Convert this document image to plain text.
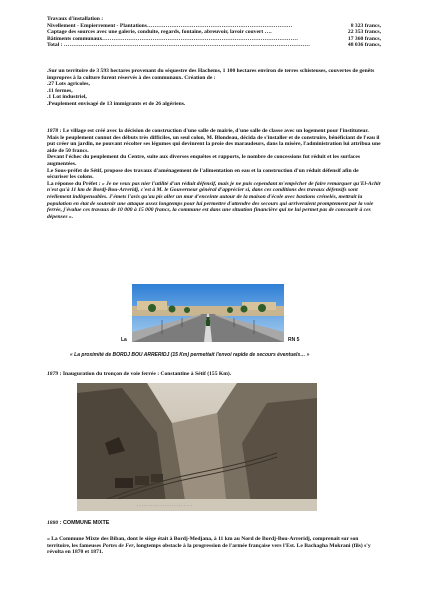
Travaux d'installation :
Nivellement - Empierrement - Plantations……………………………………………………………………	8 323 francs,
Captage des sources avec une galerie, conduite, regards, fontaine, abreuvoir, lavoir couvert ….	22 353 francs,
Bâtiments communaux……………………………………………………………………………………………	17 360 francs,
Total : ……………………………………………………………………………………………………………………	48 036 francs,
.Sur un territoire de 3 593 hectares provenant du séquestre des Hachems, 1 100 hectares environ de terres schisteuses, couvertes de genêts impropres à la culture furent réservés à des communaux. Création de :
.27 Lots agricoles,
.11 fermes,
.1 Lot industriel,
.Peuplement envisagé de 13 immigrants et de 26 algériens.
1878 : Le village est créé avec la décision de construction d'une salle de mairie, d'une salle de classe avec un logement pour l'instituteur. Mais le peuplement connut des débuts très difficiles, un seul colon, M. Blondeau, décida de s'installer et de construire, bénéficiant de l'eau il put créer un jardin, ne pouvant récolter ses légumes qui devinrent la proie des maraudeurs, dans la misère, l'administration lui attribua une aide de 50 francs.
Devant l'échec du peuplement du Centre, suite aux diverses enquêtes et rapports, le nombre de concessions fut réduit et les surfaces augmentées.
Le Sous-préfet de Sétif, propose des travaux d'aménagement de l'alimentation en eau et la construction d'un réduit défensif afin de sécuriser les colons.
La réponse du Préfet : « Je ne veux pas nier l'utilité d'un réduit défensif, mais je ne puis cependant m'empêcher de faire remarquer qu'El-Achir n'est qu'à 11 km de Bordj-Bou-Arreridj, c'est à M. le Gouverneur général d'apprécier si, dans ces conditions des travaux défensifs sont réellement indispensables. J'émets l'avis qu'au pis aller un mur d'enceinte autour de la maison d'école avec bastions crénelés, mettrait la population en état de soutenir une attaque assez longtemps pour lui permettre d'attendre des secours qui arriveraient promptement par la voie ferrée, j'évalue ces travaux de 10 000 à 15 000 francs, la commune est dans une situation financière qui ne lui permet pas de concourir à ces dépenses ».
La	RN 5
« La proximité de BORDJ BOU ARRERIDJ (15 Km) permettait l'envoi rapide de secours éventuels… »
1879 : Inauguration du tronçon de voie ferrée : Constantine à Sétif (155 Km).
· · · · · · · · · · · · · · · · · · · · · · · ·
1880 : COMMUNE MIXTE
« La Commune Mixte des Biban, dont le siège était à Bordj-Medjana, à 11 km au Nord de Bordj-Bou-Arreridj, comprenait sur son territoire, les fameuses Portes de Fer, longtemps obstacle à la progression de l'armée française vers l'Est. Le Bachagha Mokrani (fils) s'y révolta en 1870 et 1871.
